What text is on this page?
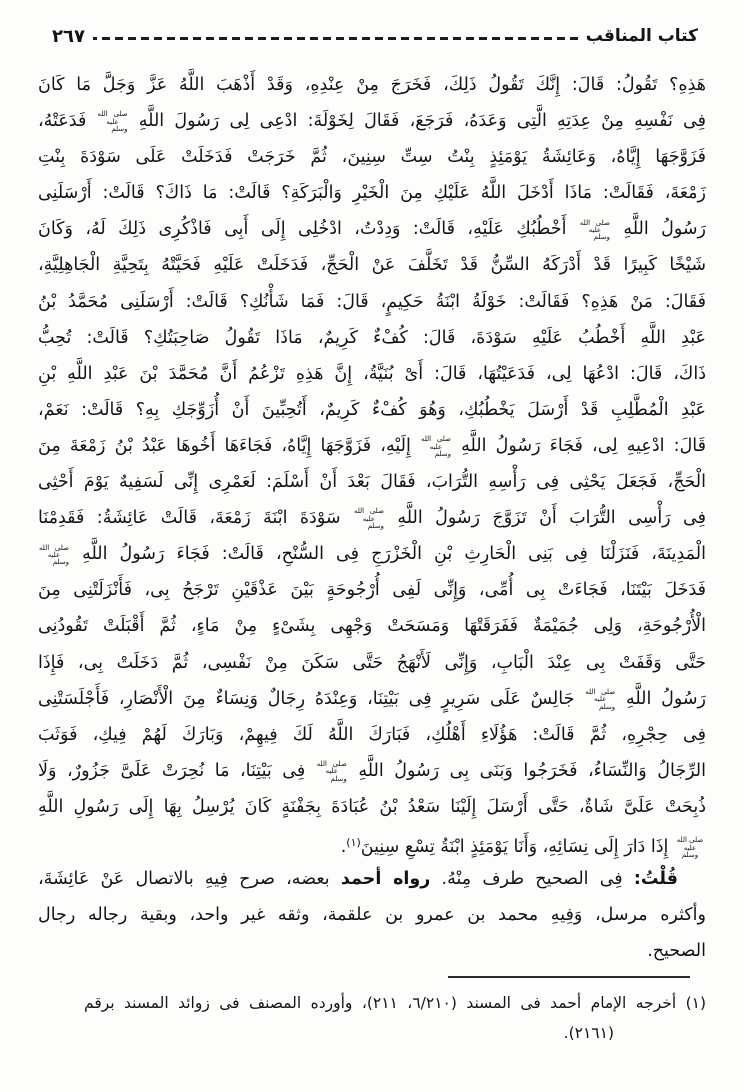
كتاب المناقب
٢٦٧
هَذِهِ؟ تَقُولُ: قَالَ: إِنَّكَ تَقُولُ ذَلِكَ، فَخَرَجَ مِنْ عِنْدِهِ، وَقَدْ أَذْهَبَ اللَّهُ عَزَّ وَجَلَّ مَا كَانَ
فِى نَفْسِهِ مِنْ عِدَتِهِ الَّتِى وَعَدَهُ، فَرَجَعَ، فَقَالَ لِخَوْلَةَ: ادْعِى لِى رَسُولَ اللَّهِ صلى الله
عليه وسلم فَدَعَتْهُ،
فَزَوَّجَهَا إِيَّاهُ، وَعَائِشَةُ يَوْمَئِذٍ بِنْتُ سِتِّ سِنِينَ، ثُمَّ خَرَجَتْ فَدَخَلَتْ عَلَى سَوْدَةَ بِنْتِ
زَمْعَةَ، فَقَالَتْ: مَاذَا أَدْخَلَ اللَّهُ عَلَيْكِ مِنَ الْخَيْرِ وَالْبَرَكَةِ؟ قَالَتْ: مَا ذَاكَ؟ قَالَتْ: أَرْسَلَنِى
رَسُولُ اللَّهِ صلى الله
عليه وسلم أَخْطُبُكِ عَلَيْهِ، قَالَتْ: وَدِدْتُ، ادْخُلِى إِلَى أَبِى فَاذْكُرِى ذَلِكَ لَهُ، وَكَانَ
شَيْخًا كَبِيرًا قَدْ أَدْرَكَهُ السِّنُّ قَدْ تَخَلَّفَ عَنْ الْحَجِّ، فَدَخَلَتْ عَلَيْهِ فَحَيَّتْهُ بِتَحِيَّةِ الْجَاهِلِيَّةِ،
فَقَالَ: مَنْ هَذِهِ؟ فَقَالَتْ: خَوْلَةُ ابْنَةُ حَكِيمٍ، قَالَ: فَمَا شَأْنُكِ؟ قَالَتْ: أَرْسَلَنِى مُحَمَّدُ بْنُ
عَبْدِ اللَّهِ أَخْطُبُ عَلَيْهِ سَوْدَةَ، قَالَ: كُفْءٌ كَرِيمٌ، مَاذَا تَقُولُ صَاحِبَتُكِ؟ قَالَتْ: تُحِبُّ
ذَاكَ، قَالَ: ادْعُهَا لِى، فَدَعَيْتُهَا، قَالَ: أَىْ بُنَيَّةُ، إِنَّ هَذِهِ تَزْعُمُ أَنَّ مُحَمَّدَ بْنَ عَبْدِ اللَّهِ بْنِ
عَبْدِ الْمُطَّلِبِ قَدْ أَرْسَلَ يَخْطُبُكِ، وَهُوَ كُفْءٌ كَرِيمٌ، أَتُحِبِّينَ أَنْ أُزَوِّجَكِ بِهِ؟ قَالَتْ: نَعَمْ،
قَالَ: ادْعِيهِ لِى، فَجَاءَ رَسُولُ اللَّهِ صلى الله
عليه وسلم إِلَيْهِ، فَزَوَّجَهَا إِيَّاهُ، فَجَاءَهَا أَخُوهَا عَبْدُ بْنُ زَمْعَةَ مِنَ
الْحَجِّ، فَجَعَلَ يَحْثِى فِى رَأْسِهِ التُّرَابَ، فَقَالَ بَعْدَ أَنْ أَسْلَمَ: لَعَمْرِى إِنِّى لَسَفِيهٌ يَوْمَ أَحْثِى
فِى رَأْسِى التُّرَابَ أَنْ تَزَوَّجَ رَسُولُ اللَّهِ صلى الله
عليه وسلم سَوْدَةَ ابْنَةَ زَمْعَةَ، قَالَتْ عَائِشَةُ: فَقَدِمْنَا
الْمَدِينَةَ، فَنَزَلْنَا فِى بَنِى الْحَارِثِ بْنِ الْخَزْرَجِ فِى السُّنْحِ، قَالَتْ: فَجَاءَ رَسُولُ اللَّهِ صلى الله
عليه وسلم
فَدَخَلَ بَيْتَنَا، فَجَاءَتْ بِى أُمِّى، وَإِنِّى لَفِى أُرْجُوحَةٍ بَيْنَ عَذْقَيْنِ تَرْجَحُ بِى، فَأَنْزَلَتْنِى مِنَ
الْأُرْجُوحَةِ، وَلِى جُمَيْمَةٌ فَفَرَقَتْهَا وَمَسَحَتْ وَجْهِى بِشَىْءٍ مِنْ مَاءٍ، ثُمَّ أَقْبَلَتْ تَقُودُنِى
حَتَّى وَقَفَتْ بِى عِنْدَ الْبَابِ، وَإِنِّى لَأَنْهَجُ حَتَّى سَكَنَ مِنْ نَفْسِى، ثُمَّ دَخَلَتْ بِى، فَإِذَا
رَسُولُ اللَّهِ صلى الله
عليه وسلم جَالِسٌ عَلَى سَرِيرٍ فِى بَيْتِنَا، وَعِنْدَهُ رِجَالٌ وَنِسَاءٌ مِنَ الْأَنْصَارِ، فَأَجْلَسَتْنِى
فِى حِجْرِهِ، ثُمَّ قَالَتْ: هَؤُلَاءِ أَهْلُكِ، فَبَارَكَ اللَّهُ لَكَ فِيهِمْ، وَبَارَكَ لَهُمْ فِيكِ، فَوَثَبَ
الرِّجَالُ وَالنِّسَاءُ، فَخَرَجُوا وَبَنَى بِى رَسُولُ اللَّهِ صلى الله
عليه وسلم فِى بَيْتِنَا، مَا نُحِرَتْ عَلَىَّ جَزُورٌ، وَلَا
ذُبِحَتْ عَلَىَّ شَاةٌ، حَتَّى أَرْسَلَ إِلَيْنَا سَعْدُ بْنُ عُبَادَةَ بِجَفْنَةٍ كَانَ يُرْسِلُ بِهَا إِلَى رَسُولِ اللَّهِ
صلى الله
عليه وسلم إِذَا دَارَ إِلَى نِسَائِهِ، وَأَنَا يَوْمَئِذٍ ابْنَةُ تِسْعِ سِنِينَ$^{(١)}$.
قُلْتُ: فِى الصحيح طرف مِنْهُ. رواه أحمد بعضه، صرح فِيهِ بالاتصال عَنْ عَائِشَةَ،
وأكثره مرسل، وَفِيهِ محمد بن عمرو بن علقمة، وثقه غير واحد، وبقية رجاله رجال
الصحيح.
(١) أخرجه الإمام أحمد فى المسند (٦/٢١٠، ٢١١)، وأورده المصنف فى زوائد المسند برقم
(٢١٦١).
